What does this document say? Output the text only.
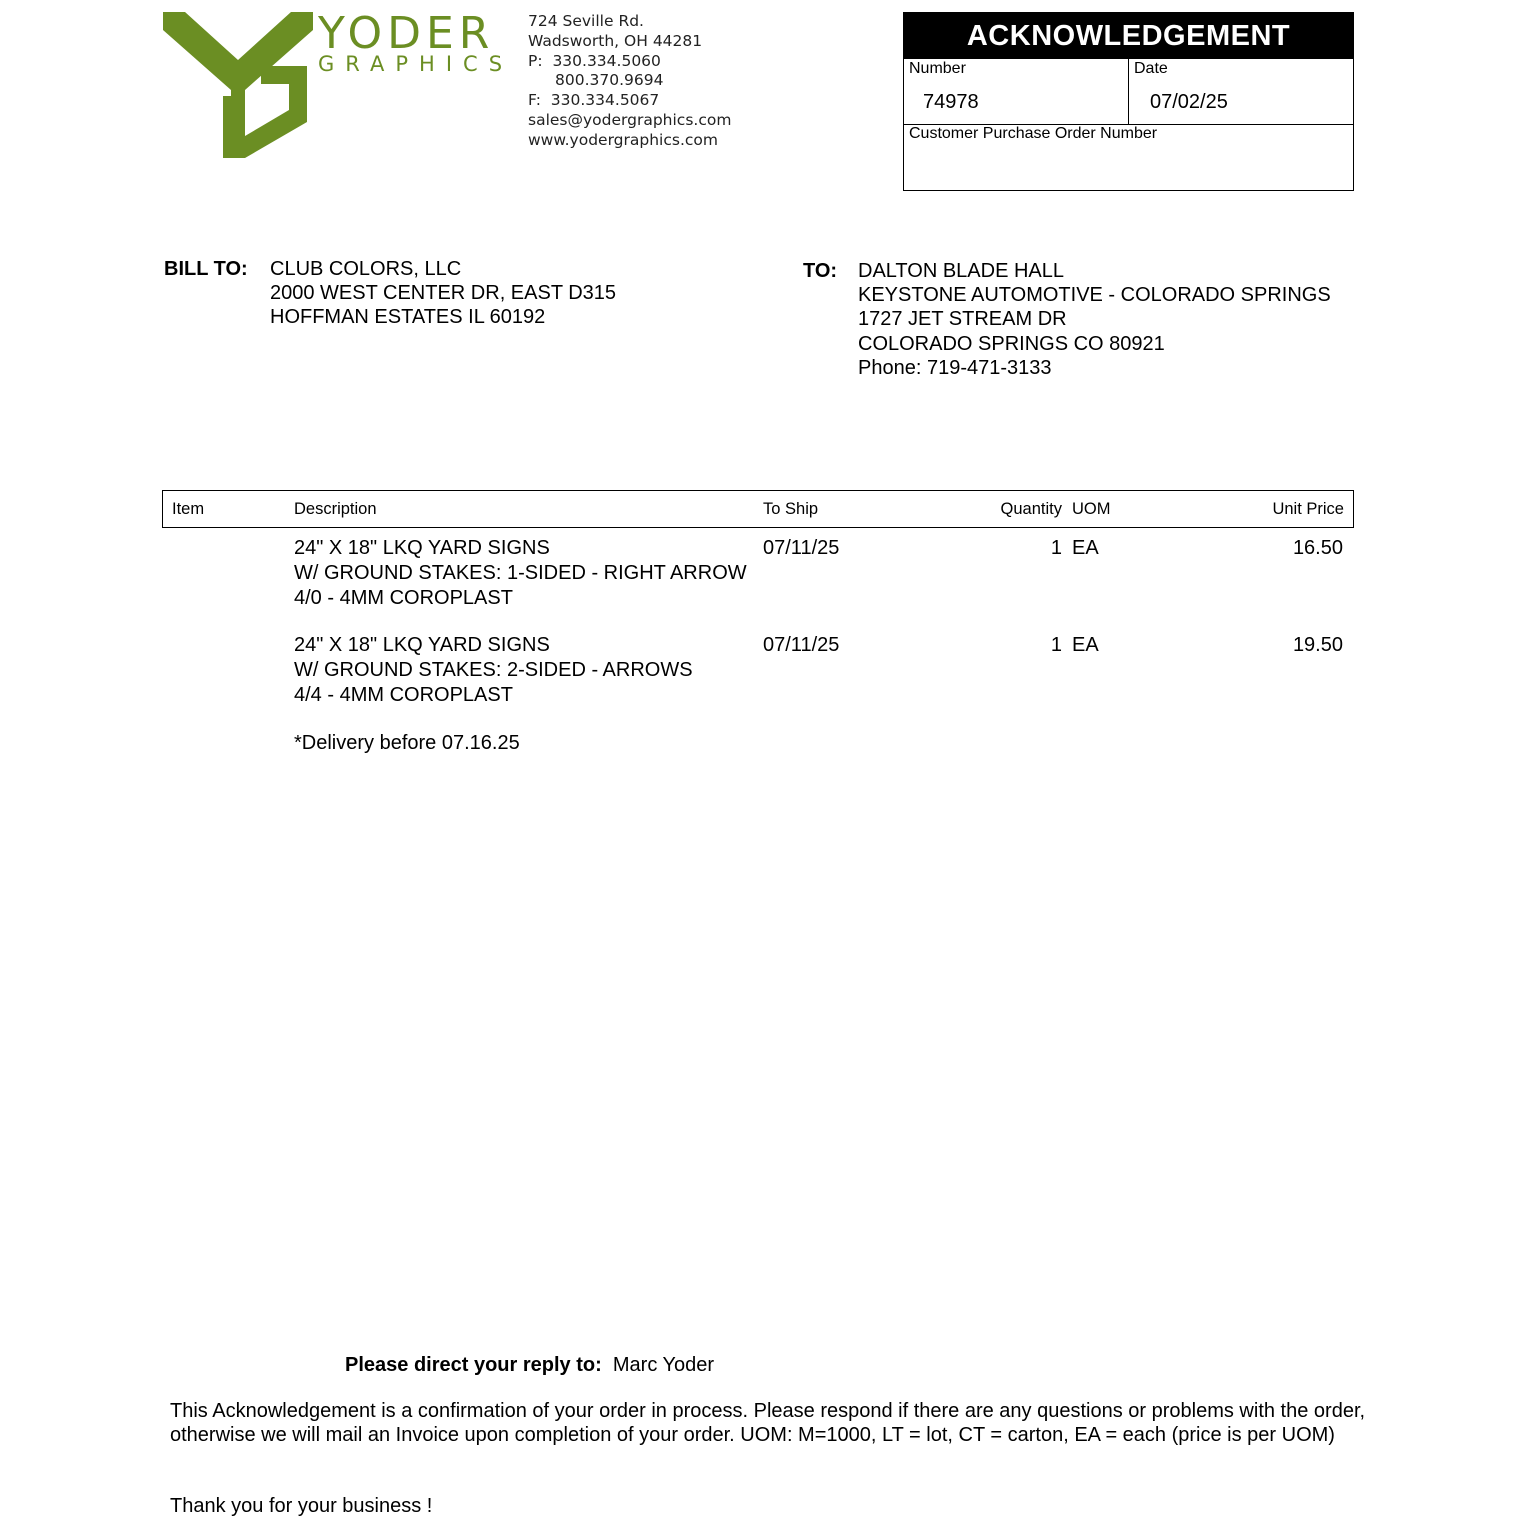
YODER
GRAPHICS
724 Seville Rd.
Wadsworth, OH 44281
P: 330.334.5060
800.370.9694
F: 330.334.5067
sales@yodergraphics.com
www.yodergraphics.com
ACKNOWLEDGEMENT
Number
74978
Date
07/02/25
Customer Purchase Order Number
BILL TO: CLUB COLORS, LLC
2000 WEST CENTER DR, EAST D315
HOFFMAN ESTATES IL 60192
TO: DALTON BLADE HALL
KEYSTONE AUTOMOTIVE - COLORADO SPRINGS
1727 JET STREAM DR
COLORADO SPRINGS CO 80921
Phone: 719-471-3133
Item	Description	To Ship	Quantity UOM	Unit Price
24" X 18" LKQ YARD SIGNS
W/ GROUND STAKES: 1-SIDED - RIGHT ARROW
4/0 - 4MM COROPLAST
07/11/25	1 EA	16.50
24" X 18" LKQ YARD SIGNS
W/ GROUND STAKES: 2-SIDED - ARROWS
4/4 - 4MM COROPLAST
07/11/25	1 EA	19.50
*Delivery before 07.16.25
Please direct your reply to: Marc Yoder
This Acknowledgement is a confirmation of your order in process. Please respond if there are any questions or problems with the order, otherwise we will mail an Invoice upon completion of your order. UOM: M=1000, LT = lot, CT = carton, EA = each (price is per UOM)
Thank you for your business !
